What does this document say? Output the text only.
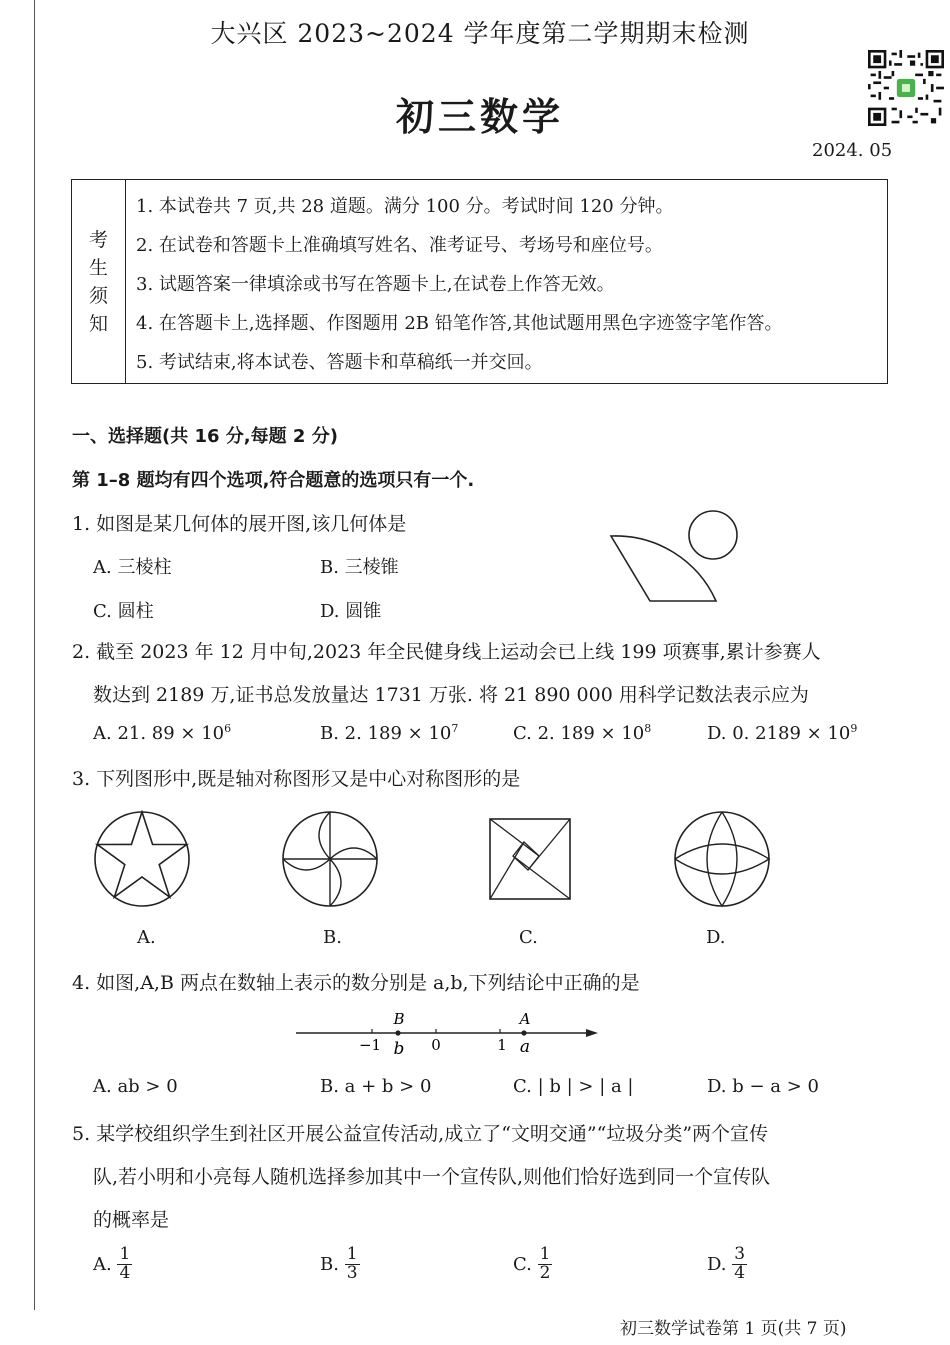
大兴区 2023~2024 学年度第二学期期末检测
初三数学
2024. 05
考
生
须
知
1. 本试卷共 7 页,共 28 道题。满分 100 分。考试时间 120 分钟。
2. 在试卷和答题卡上准确填写姓名、准考证号、考场号和座位号。
3. 试题答案一律填涂或书写在答题卡上,在试卷上作答无效。
4. 在答题卡上,选择题、作图题用 2B 铅笔作答,其他试题用黑色字迹签字笔作答。
5. 考试结束,将本试卷、答题卡和草稿纸一并交回。
一、选择题(共 16 分,每题 2 分)
第 1–8 题均有四个选项,符合题意的选项只有一个.
1. 如图是某几何体的展开图,该几何体是
A. 三棱柱	B. 三棱锥
C. 圆柱	D. 圆锥
2. 截至 2023 年 12 月中旬,2023 年全民健身线上运动会已上线 199 项赛事,累计参赛人
数达到 2189 万,证书总发放量达 1731 万张. 将 21 890 000 用科学记数法表示应为
A. 21. $89 \times 10^6$	B. 2. $189 \times 10^7$	C. 2. $189 \times 10^8$	D. 0. $2189 \times 10^9$
3. 下列图形中,既是轴对称图形又是中心对称图形的是
A.	B.	C.	D.
4. 如图,A,B 两点在数轴上表示的数分别是 a,b,下列结论中正确的是
B	A
−1	0	1
b	a
A. ab > 0	B. a + b > 0	C. | b | > | a |	D. b − a > 0
5. 某学校组织学生到社区开展公益宣传活动,成立了“文明交通”“垃圾分类”两个宣传
队,若小明和小亮每人随机选择参加其中一个宣传队,则他们恰好选到同一个宣传队
的概率是
A. $\frac{1}{4}$	B. $\frac{1}{3}$	C. $\frac{1}{2}$	D. $\frac{3}{4}$
初三数学试卷第 1 页(共 7 页)
